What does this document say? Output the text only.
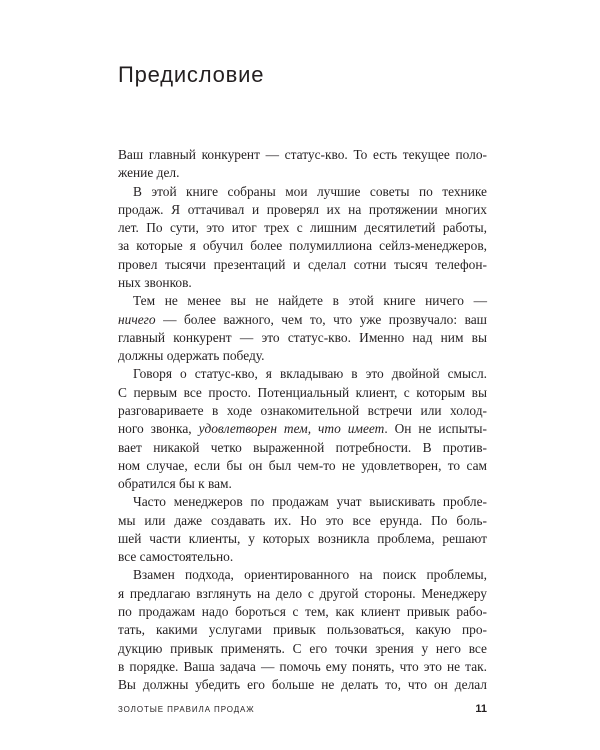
Предисловие
Ваш главный конкурент — статус-кво. То есть текущее поло-
жение дел.
В этой книге собраны мои лучшие советы по технике
продаж. Я оттачивал и проверял их на протяжении многих
лет. По сути, это итог трех с лишним десятилетий работы,
за которые я обучил более полумиллиона сейлз-менеджеров,
провел тысячи презентаций и сделал сотни тысяч телефон-
ных звонков.
Тем не менее вы не найдете в этой книге ничего —
ничего — более важного, чем то, что уже прозвучало: ваш
главный конкурент — это статус-кво. Именно над ним вы
должны одержать победу.
Говоря о статус-кво, я вкладываю в это двойной смысл.
С первым все просто. Потенциальный клиент, с которым вы
разговариваете в ходе ознакомительной встречи или холод-
ного звонка, удовлетворен тем, что имеет. Он не испыты-
вает никакой четко выраженной потребности. В против-
ном случае, если бы он был чем-то не удовлетворен, то сам
обратился бы к вам.
Часто менеджеров по продажам учат выискивать пробле-
мы или даже создавать их. Но это все ерунда. По боль-
шей части клиенты, у которых возникла проблема, решают
все самостоятельно.
Взамен подхода, ориентированного на поиск проблемы,
я предлагаю взглянуть на дело с другой стороны. Менеджеру
по продажам надо бороться с тем, как клиент привык рабо-
тать, какими услугами привык пользоваться, какую про-
дукцию привык применять. С его точки зрения у него все
в порядке. Ваша задача — помочь ему понять, что это не так.
Вы должны убедить его больше не делать то, что он делал
ЗОЛОТЫЕ ПРАВИЛА ПРОДАЖ	11
